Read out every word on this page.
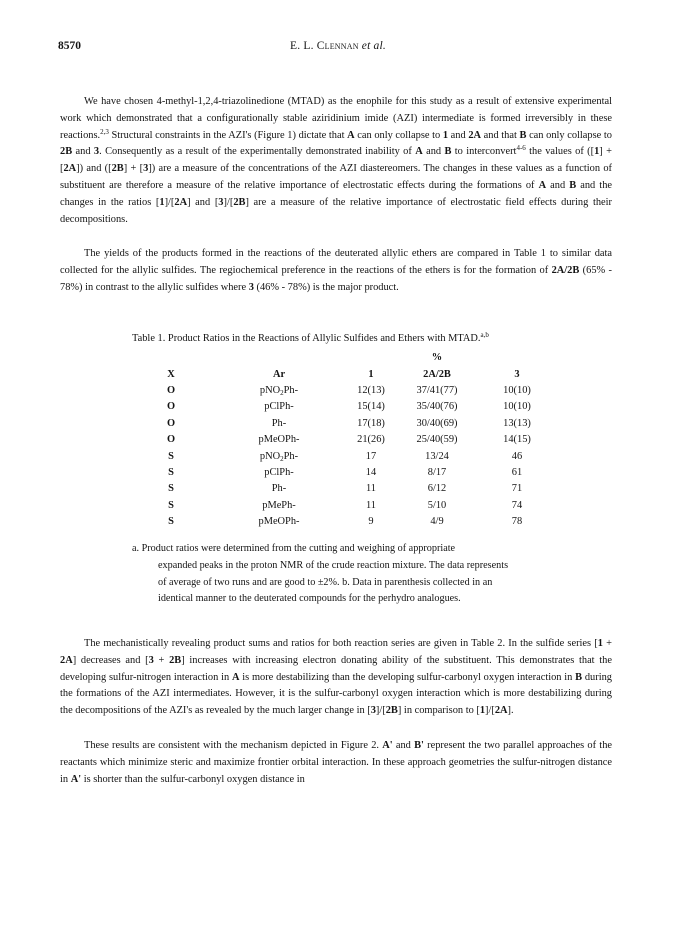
8570	E. L. Clennan et al.

We have chosen 4-methyl-1,2,4-triazolinedione (MTAD) as the enophile for this study as a result of extensive experimental work which demonstrated that a configurationally stable aziridinium imide (AZI) intermediate is formed irreversibly in these reactions.$^{2,3}$ Structural constraints in the AZI's (Figure 1) dictate that A can only collapse to 1 and 2A and that B can only collapse to 2B and 3. Consequently as a result of the experimentally demonstrated inability of A and B to interconvert$^{4-6}$ the values of ([1] + [2A]) and ([2B] + [3]) are a measure of the concentrations of the AZI diastereomers. The changes in these values as a function of substituent are therefore a measure of the relative importance of electrostatic effects during the formations of A and B and the changes in the ratios [1]/[2A] and [3]/[2B] are a measure of the relative importance of electrostatic field effects during their decompositions.

The yields of the products formed in the reactions of the deuterated allylic ethers are compared in Table 1 to similar data collected for the allylic sulfides. The regiochemical preference in the reactions of the ethers is for the formation of 2A/2B (65% - 78%) in contrast to the allylic sulfides where 3 (46% - 78%) is the major product.

Table 1. Product Ratios in the Reactions of Allylic Sulfides and Ethers with MTAD.$^{a,b}$
%
X	Ar	1	2A/2B	3
O	pNO$_2$Ph-	12(13)	37/41(77)	10(10)
O	pClPh-	15(14)	35/40(76)	10(10)
O	Ph-	17(18)	30/40(69)	13(13)
O	pMeOPh-	21(26)	25/40(59)	14(15)
S	pNO$_2$Ph-	17	13/24	46
S	pClPh-	14	8/17	61
S	Ph-	11	6/12	71
S	pMePh-	11	5/10	74
S	pMeOPh-	9	4/9	78

a. Product ratios were determined from the cutting and weighing of appropriate
expanded peaks in the proton NMR of the crude reaction mixture. The data represents
of average of two runs and are good to ±2%. b. Data in parenthesis collected in an
identical manner to the deuterated compounds for the perhydro analogues.

The mechanistically revealing product sums and ratios for both reaction series are given in Table 2. In the sulfide series [1 + 2A] decreases and [3 + 2B] increases with increasing electron donating ability of the substituent. This demonstrates that the developing sulfur-nitrogen interaction in A is more destabilizing than the developing sulfur-carbonyl oxygen interaction in B during the formations of the AZI intermediates. However, it is the sulfur-carbonyl oxygen interaction which is more destabilizing during the decompositions of the AZI's as revealed by the much larger change in [3]/[2B] in comparison to [1]/[2A].

These results are consistent with the mechanism depicted in Figure 2. A' and B' represent the two parallel approaches of the reactants which minimize steric and maximize frontier orbital interaction. In these approach geometries the sulfur-nitrogen distance in A' is shorter than the sulfur-carbonyl oxygen distance in
